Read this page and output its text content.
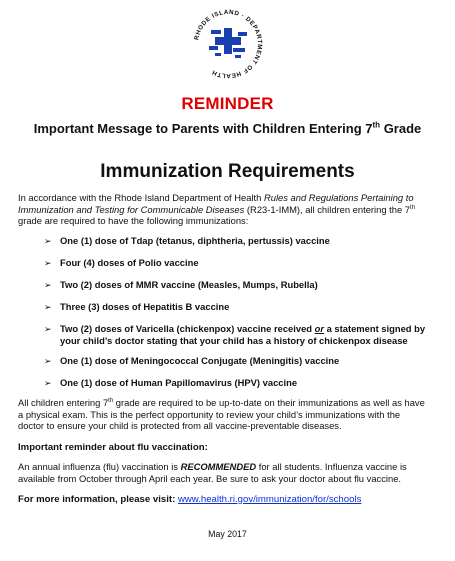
RHODE ISLAND · DEPARTMENT OF HEALTH
REMINDER
Important Message to Parents with Children Entering 7th Grade
Immunization Requirements
In accordance with the Rhode Island Department of Health Rules and Regulations Pertaining to
Immunization and Testing for Communicable Diseases (R23-1-IMM), all children entering the 7th
grade are required to have the following immunizations:
➢ One (1) dose of Tdap (tetanus, diphtheria, pertussis) vaccine
➢ Four (4) doses of Polio vaccine
➢ Two (2) doses of MMR vaccine (Measles, Mumps, Rubella)
➢ Three (3) doses of Hepatitis B vaccine
➢ Two (2) doses of Varicella (chickenpox) vaccine received or a statement signed by
your child’s doctor stating that your child has a history of chickenpox disease
➢ One (1) dose of Meningococcal Conjugate (Meningitis) vaccine
➢ One (1) dose of Human Papillomavirus (HPV) vaccine
All children entering 7th grade are required to be up-to-date on their immunizations as well as have
a physical exam. This is the perfect opportunity to review your child’s immunizations with the
doctor to ensure your child is protected from all vaccine-preventable diseases.
Important reminder about flu vaccination:
An annual influenza (flu) vaccination is RECOMMENDED for all students. Influenza vaccine is
available from October through April each year. Be sure to ask your doctor about flu vaccine.
For more information, please visit: www.health.ri.gov/immunization/for/schools
May 2017
